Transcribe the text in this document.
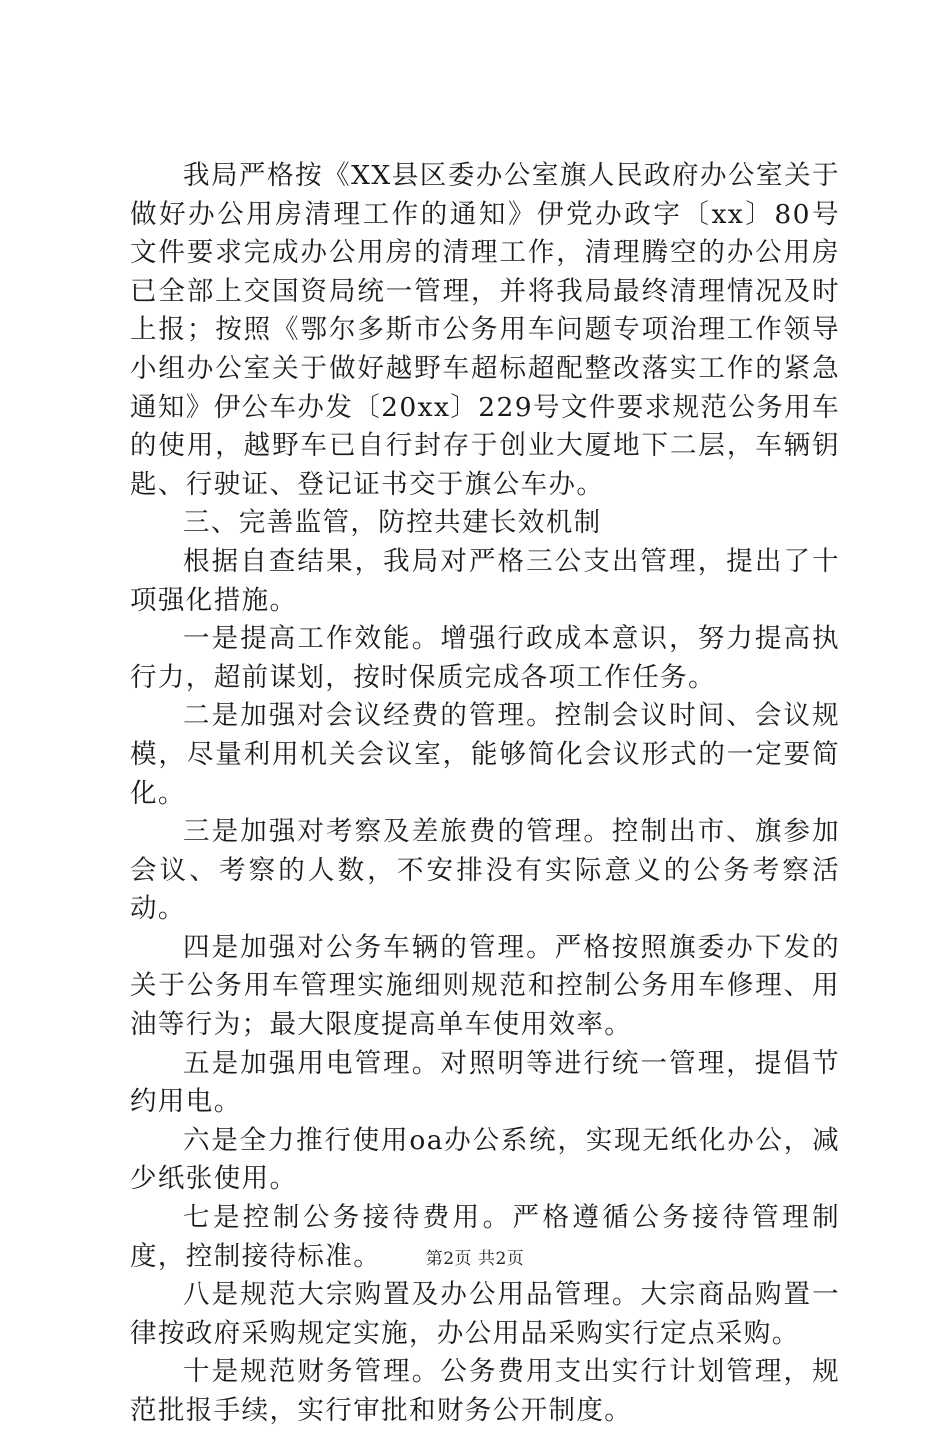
我局严格按《XX县区委办公室旗人民政府办公室关于做好办公用房清理工作的通知》伊党办政字〔xx〕80号文件要求完成办公用房的清理工作，清理腾空的办公用房已全部上交国资局统一管理，并将我局最终清理情况及时上报；按照《鄂尔多斯市公务用车问题专项治理工作领导小组办公室关于做好越野车超标超配整改落实工作的紧急通知》伊公车办发〔20xx〕229号文件要求规范公务用车的使用，越野车已自行封存于创业大厦地下二层，车辆钥匙、行驶证、登记证书交于旗公车办。

三、完善监管，防控共建长效机制

根据自查结果，我局对严格三公支出管理，提出了十项强化措施。

一是提高工作效能。增强行政成本意识，努力提高执行力，超前谋划，按时保质完成各项工作任务。

二是加强对会议经费的管理。控制会议时间、会议规模，尽量利用机关会议室，能够简化会议形式的一定要简化。

三是加强对考察及差旅费的管理。控制出市、旗参加会议、考察的人数，不安排没有实际意义的公务考察活动。

四是加强对公务车辆的管理。严格按照旗委办下发的关于公务用车管理实施细则规范和控制公务用车修理、用油等行为；最大限度提高单车使用效率。

五是加强用电管理。对照明等进行统一管理，提倡节约用电。

六是全力推行使用oa办公系统，实现无纸化办公，减少纸张使用。

七是控制公务接待费用。严格遵循公务接待管理制度，控制接待标准。

八是规范大宗购置及办公用品管理。大宗商品购置一律按政府采购规定实施，办公用品采购实行定点采购。

十是规范财务管理。公务费用支出实行计划管理，规范批报手续，实行审批和财务公开制度。

第2页 共2页
